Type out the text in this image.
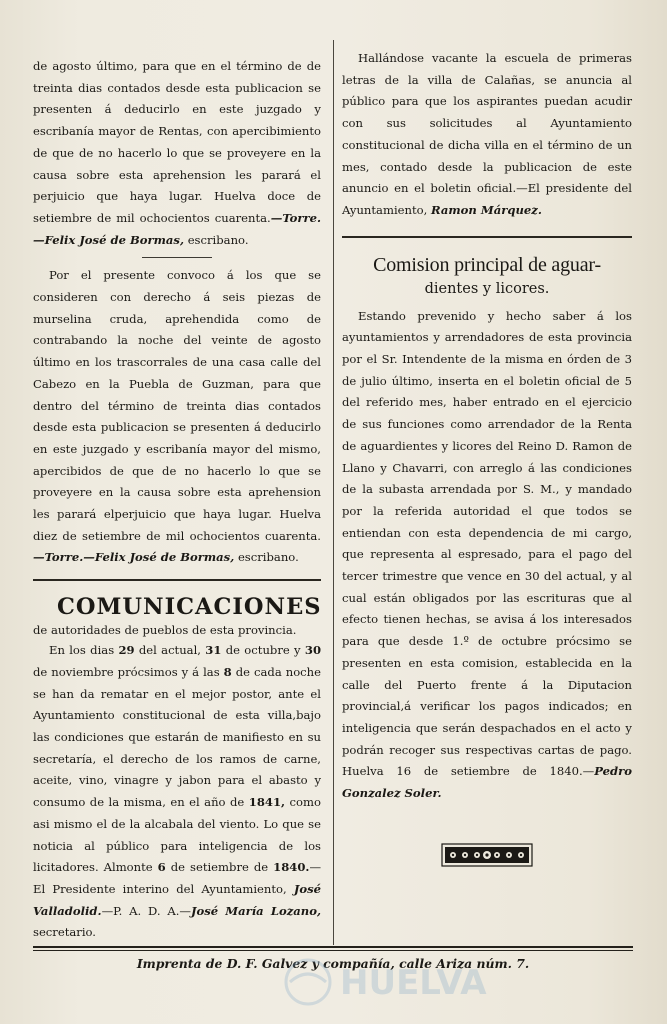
de agosto último, para que en el término de de treinta dias contados desde esta publicacion se presenten á deducirlo en este juzgado y escribanía mayor de Rentas, con apercibimiento de que de no hacerlo lo que se proveyere en la causa sobre esta aprehension les parará el perjuicio que haya lugar. Huelva doce de setiembre de mil ochocientos cuarenta.—Torre.—Felix José de Bormas, escribano.

Por el presente convoco á los que se consideren con derecho á seis piezas de murselina cruda, aprehendida como de contrabando la noche del veinte de agosto último en los trascorrales de una casa calle del Cabezo en la Puebla de Guzman, para que dentro del término de treinta dias contados desde esta publicacion se presenten á deducirlo en este juzgado y escribanía mayor del mismo, apercibidos de que de no hacerlo lo que se proveyere en la causa sobre esta aprehension les parará elperjuicio que haya lugar. Huelva diez de setiembre de mil ochocientos cuarenta.—Torre.—Felix José de Bormas, escribano.

COMUNICACIONES
de autoridades de pueblos de esta provincia.

En los dias 29 del actual, 31 de octubre y 30 de noviembre prócsimos y á las 8 de cada noche se han da rematar en el mejor postor, ante el Ayuntamiento constitucional de esta villa,bajo las condiciones que estarán de manifiesto en su secretaría, el derecho de los ramos de carne, aceite, vino, vinagre y jabon para el abasto y consumo de la misma, en el año de 1841, como asi mismo el de la alcabala del viento. Lo que se noticia al público para inteligencia de los licitadores. Almonte 6 de setiembre de 1840.—El Presidente interino del Ayuntamiento, José Valladolid.—P. A. D. A.—José María Lozano, secretario.

Hallándose vacante la escuela de primeras letras de la villa de Calañas, se anuncia al público para que los aspirantes puedan acudir con sus solicitudes al Ayuntamiento constitucional de dicha villa en el término de un mes, contado desde la publicacion de este anuncio en el boletin oficial.—El presidente del Ayuntamiento, Ramon Márquez.

Comision principal de aguar-
dientes y licores.

Estando prevenido y hecho saber á los ayuntamientos y arrendadores de esta provincia por el Sr. Intendente de la misma en órden de 3 de julio último, inserta en el boletin oficial de 5 del referido mes, haber entrado en el ejercicio de sus funciones como arrendador de la Renta de aguardientes y licores del Reino D. Ramon de Llano y Chavarri, con arreglo á las condiciones de la subasta arrendada por S. M., y mandado por la referida autoridad el que todos se entiendan con esta dependencia de mi cargo, que representa al espresado, para el pago del tercer trimestre que vence en 30 del actual, y al cual están obligados por las escrituras que al efecto tienen hechas, se avisa á los interesados para que desde 1.º de octubre prócsimo se presenten en esta comision, establecida en la calle del Puerto frente á la Diputacion provincial,á verificar los pagos indicados; en inteligencia que serán despachados en el acto y podrán recoger sus respectivas cartas de pago. Huelva 16 de setiembre de 1840.—Pedro Gonzalez Soler.

Imprenta de D. F. Galvez y compañía, calle Ariza núm. 7.
HUELVA
